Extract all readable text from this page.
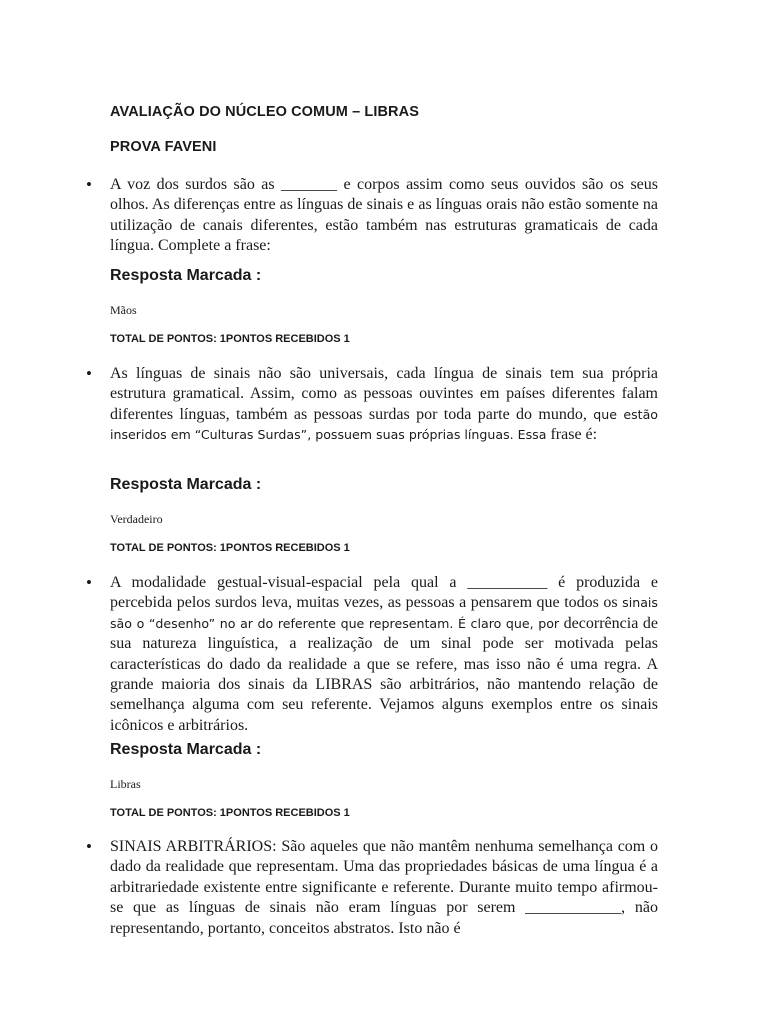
AVALIAÇÃO DO NÚCLEO COMUM – LIBRAS
PROVA FAVENI
• A voz dos surdos são as _______ e corpos assim como seus ouvidos são os seus olhos. As diferenças entre as línguas de sinais e as línguas orais não estão somente na utilização de canais diferentes, estão também nas estruturas gramaticais de cada língua. Complete a frase:

Resposta Marcada :
Mãos
TOTAL DE PONTOS: 1PONTOS RECEBIDOS 1
• As línguas de sinais não são universais, cada língua de sinais tem sua própria estrutura gramatical. Assim, como as pessoas ouvintes em países diferentes falam diferentes línguas, também as pessoas surdas por toda parte do mundo, que estão inseridos em “Culturas Surdas”, possuem suas próprias línguas. Essa frase é:

Resposta Marcada :
Verdadeiro
TOTAL DE PONTOS: 1PONTOS RECEBIDOS 1
• A modalidade gestual-visual-espacial pela qual a __________ é produzida e percebida pelos surdos leva, muitas vezes, as pessoas a pensarem que todos os sinais são o “desenho” no ar do referente que representam. É claro que, por decorrência de sua natureza linguística, a realização de um sinal pode ser motivada pelas características do dado da realidade a que se refere, mas isso não é uma regra. A grande maioria dos sinais da LIBRAS são arbitrários, não mantendo relação de semelhança alguma com seu referente. Vejamos alguns exemplos entre os sinais icônicos e arbitrários.

Resposta Marcada :
Libras
TOTAL DE PONTOS: 1PONTOS RECEBIDOS 1
• SINAIS ARBITRÁRIOS: São aqueles que não mantêm nenhuma semelhança com o dado da realidade que representam. Uma das propriedades básicas de uma língua é a arbitrariedade existente entre significante e referente. Durante muito tempo afirmou-se que as línguas de sinais não eram línguas por serem ____________, não representando, portanto, conceitos abstratos. Isto não é
